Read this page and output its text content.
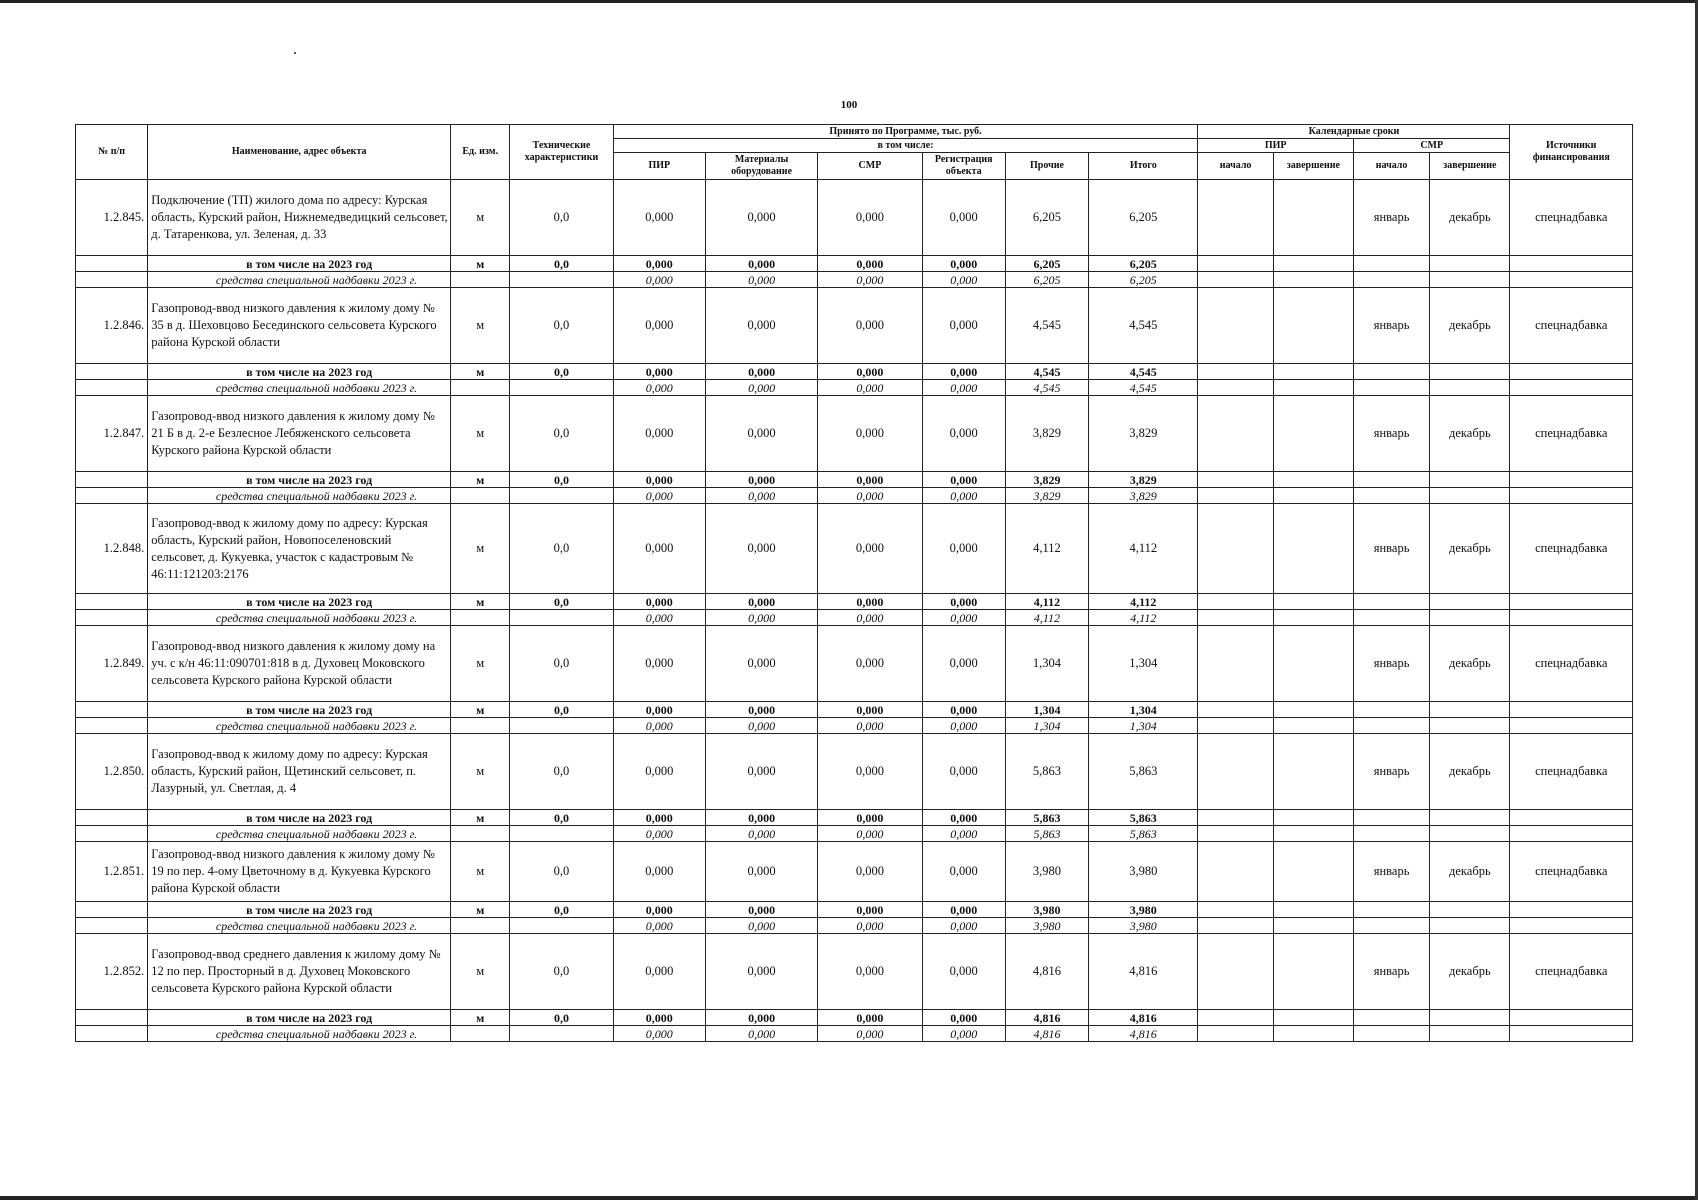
100
№ п/п	Наименование, адрес объекта	Ед. изм.	Технические характеристики	Принято по Программе, тыс. руб.						Календарные сроки				Источники финансирования
				в том числе:						ПИР		СМР		
				ПИР	Материалы оборудование	СМР	Регистрация объекта	Прочие	Итого	начало	завершение	начало	завершение	
1.2.845.	Подключение (ТП) жилого дома по адресу: Курская область, Курский район, Нижнемедведицкий сельсовет, д. Татаренкова, ул. Зеленая, д. 33	м	0,0	0,000	0,000	0,000	0,000	6,205	6,205			январь	декабрь	спецнадбавка
	в том числе на 2023 год	м	0,0	0,000	0,000	0,000	0,000	6,205	6,205					
	средства специальной надбавки 2023 г.			0,000	0,000	0,000	0,000	6,205	6,205					
1.2.846.	Газопровод-ввод низкого давления к жилому дому № 35 в д. Шеховцово Бесединского сельсовета Курского района Курской области	м	0,0	0,000	0,000	0,000	0,000	4,545	4,545			январь	декабрь	спецнадбавка
	в том числе на 2023 год	м	0,0	0,000	0,000	0,000	0,000	4,545	4,545					
	средства специальной надбавки 2023 г.			0,000	0,000	0,000	0,000	4,545	4,545					
1.2.847.	Газопровод-ввод низкого давления к жилому дому № 21 Б в д. 2-е Безлесное Лебяженского сельсовета Курского района Курской области	м	0,0	0,000	0,000	0,000	0,000	3,829	3,829			январь	декабрь	спецнадбавка
	в том числе на 2023 год	м	0,0	0,000	0,000	0,000	0,000	3,829	3,829					
	средства специальной надбавки 2023 г.			0,000	0,000	0,000	0,000	3,829	3,829					
1.2.848.	Газопровод-ввод к жилому дому по адресу: Курская область, Курский район, Новопоселеновский сельсовет, д. Кукуевка, участок с кадастровым № 46:11:121203:2176	м	0,0	0,000	0,000	0,000	0,000	4,112	4,112			январь	декабрь	спецнадбавка
	в том числе на 2023 год	м	0,0	0,000	0,000	0,000	0,000	4,112	4,112					
	средства специальной надбавки 2023 г.			0,000	0,000	0,000	0,000	4,112	4,112					
1.2.849.	Газопровод-ввод низкого давления к жилому дому на уч. с к/н 46:11:090701:818 в д. Духовец Моковского сельсовета Курского района Курской области	м	0,0	0,000	0,000	0,000	0,000	1,304	1,304			январь	декабрь	спецнадбавка
	в том числе на 2023 год	м	0,0	0,000	0,000	0,000	0,000	1,304	1,304					
	средства специальной надбавки 2023 г.			0,000	0,000	0,000	0,000	1,304	1,304					
1.2.850.	Газопровод-ввод к жилому дому по адресу: Курская область, Курский район, Щетинский сельсовет, п. Лазурный, ул. Светлая, д. 4	м	0,0	0,000	0,000	0,000	0,000	5,863	5,863			январь	декабрь	спецнадбавка
	в том числе на 2023 год	м	0,0	0,000	0,000	0,000	0,000	5,863	5,863					
	средства специальной надбавки 2023 г.			0,000	0,000	0,000	0,000	5,863	5,863					
1.2.851.	Газопровод-ввод низкого давления к жилому дому № 19 по пер. 4-ому Цветочному в д. Кукуевка Курского района Курской области	м	0,0	0,000	0,000	0,000	0,000	3,980	3,980			январь	декабрь	спецнадбавка
	в том числе на 2023 год	м	0,0	0,000	0,000	0,000	0,000	3,980	3,980					
	средства специальной надбавки 2023 г.			0,000	0,000	0,000	0,000	3,980	3,980					
1.2.852.	Газопровод-ввод среднего давления к жилому дому № 12 по пер. Просторный в д. Духовец Моковского сельсовета Курского района Курской области	м	0,0	0,000	0,000	0,000	0,000	4,816	4,816			январь	декабрь	спецнадбавка
	в том числе на 2023 год	м	0,0	0,000	0,000	0,000	0,000	4,816	4,816					
	средства специальной надбавки 2023 г.			0,000	0,000	0,000	0,000	4,816	4,816					
